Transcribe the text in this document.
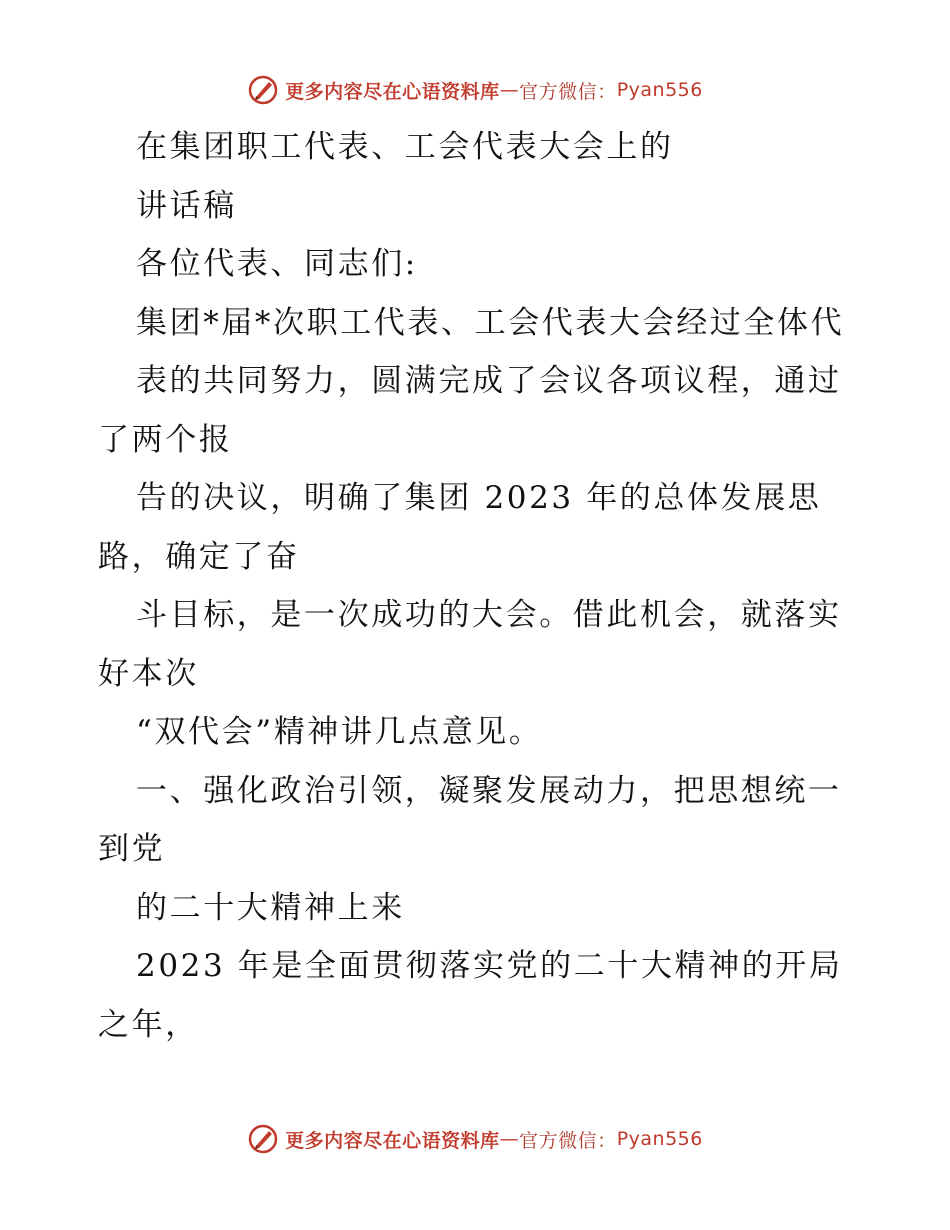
更多内容尽在心语资料库 — 官方微信： Pyan556
在集团职工代表、工会代表大会上的
讲话稿
各位代表、同志们:
集团*届*次职工代表、工会代表大会经过全体代
表的共同努力，圆满完成了会议各项议程，通过
了两个报
告的决议，明确了集团 2023 年的总体发展思
路，确定了奋
斗目标，是一次成功的大会。借此机会，就落实
好本次
“双代会”精神讲几点意见。
一、强化政治引领，凝聚发展动力，把思想统一
到党
的二十大精神上来
2023 年是全面贯彻落实党的二十大精神的开局
之年，
更多内容尽在心语资料库 — 官方微信： Pyan556
